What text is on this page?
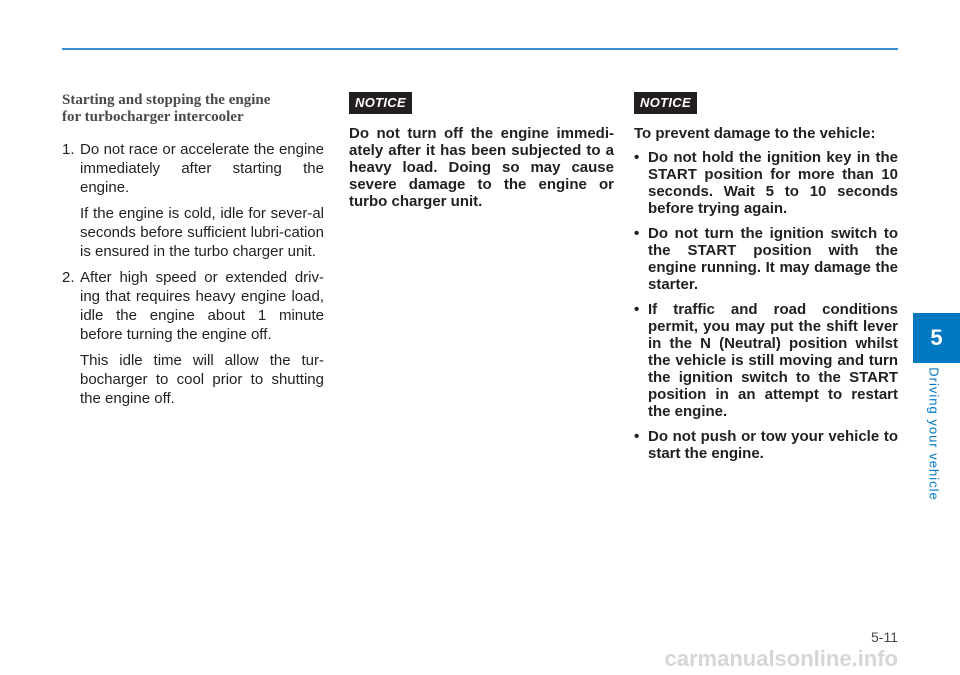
Starting and stopping the engine
for turbocharger intercooler
1. Do not race or accelerate the engine immediately after starting the engine.

If the engine is cold, idle for sever-al seconds before sufficient lubri-cation is ensured in the turbo charger unit.

2. After high speed or extended driv-ing that requires heavy engine load, idle the engine about 1 minute before turning the engine off.

This idle time will allow the tur-bocharger to cool prior to shutting the engine off.

NOTICE

Do not turn off the engine immedi-ately after it has been subjected to a heavy load. Doing so may cause severe damage to the engine or turbo charger unit.

NOTICE

To prevent damage to the vehicle:

• Do not hold the ignition key in the START position for more than 10 seconds. Wait 5 to 10 seconds before trying again.
• Do not turn the ignition switch to the START position with the engine running. It may damage the starter.
• If traffic and road conditions permit, you may put the shift lever in the N (Neutral) position whilst the vehicle is still moving and turn the ignition switch to the START position in an attempt to restart the engine.
• Do not push or tow your vehicle to start the engine.
5
Driving your vehicle
5-11
carmanualsonline.info
